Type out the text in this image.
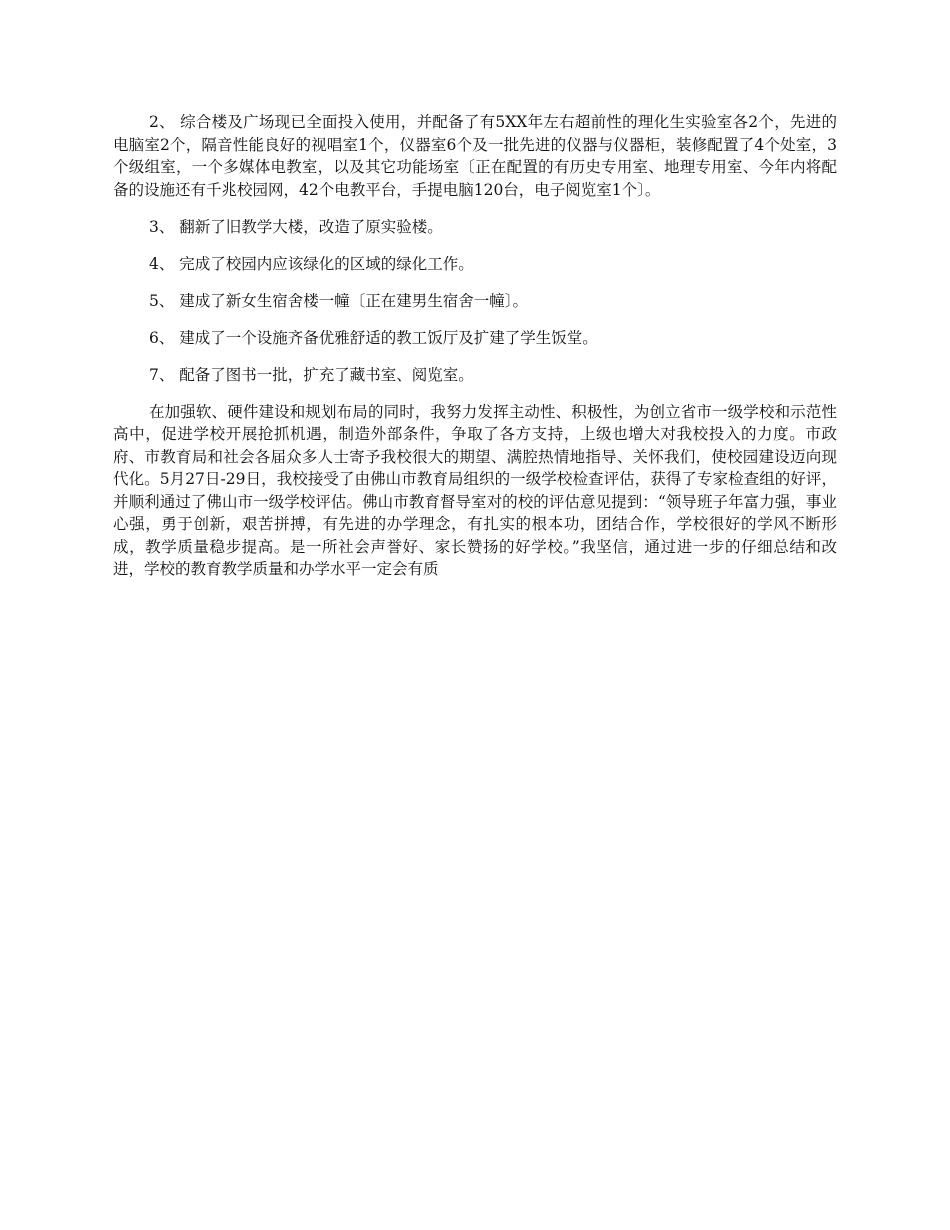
2、 综合楼及广场现已全面投入使用，并配备了有5XX年左右超前性的理化生实验室各2个，先进的电脑室2个，隔音性能良好的视唱室1个，仪器室6个及一批先进的仪器与仪器柜，装修配置了4个处室，3个级组室，一个多媒体电教室，以及其它功能场室〔正在配置的有历史专用室、地理专用室、今年内将配备的设施还有千兆校园网，42个电教平台，手提电脑120台，电子阅览室1个〕。

3、 翻新了旧教学大楼，改造了原实验楼。

4、 完成了校园内应该绿化的区域的绿化工作。

5、 建成了新女生宿舍楼一幢〔正在建男生宿舍一幢〕。

6、 建成了一个设施齐备优雅舒适的教工饭厅及扩建了学生饭堂。

7、 配备了图书一批，扩充了藏书室、阅览室。

在加强软、硬件建设和规划布局的同时，我努力发挥主动性、积极性，为创立省市一级学校和示范性高中，促进学校开展抢抓机遇，制造外部条件，争取了各方支持，上级也增大对我校投入的力度。市政府、市教育局和社会各届众多人士寄予我校很大的期望、满腔热情地指导、关怀我们，使校园建设迈向现代化。5月27日-29日，我校接受了由佛山市教育局组织的一级学校检查评估，获得了专家检查组的好评，并顺利通过了佛山市一级学校评估。佛山市教育督导室对的校的评估意见提到：“领导班子年富力强，事业心强，勇于创新，艰苦拼搏，有先进的办学理念，有扎实的根本功，团结合作，学校很好的学风不断形成，教学质量稳步提高。是一所社会声誉好、家长赞扬的好学校。”我坚信，通过进一步的仔细总结和改进，学校的教育教学质量和办学水平一定会有质
